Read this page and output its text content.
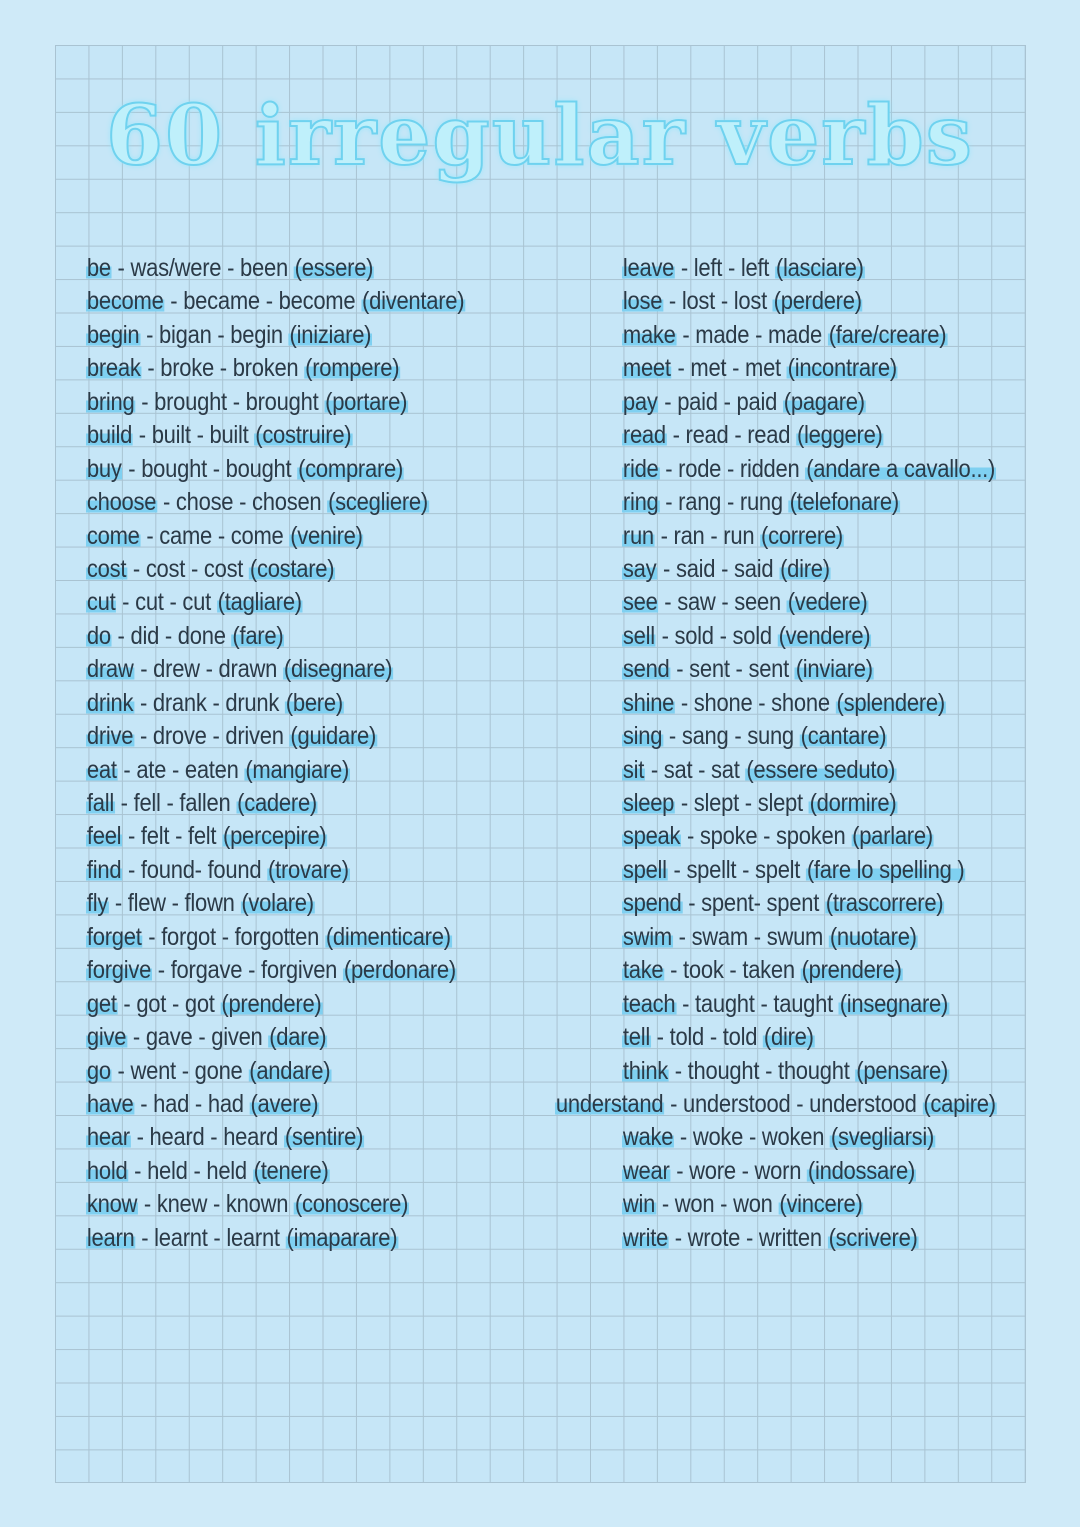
60 irregular verbs
be - was/were - been (essere)
become - became - become (diventare)
begin - bigan - begin (iniziare)
break - broke - broken (rompere)
bring - brought - brought (portare)
build - built - built (costruire)
buy - bought - bought (comprare)
choose - chose - chosen (scegliere)
come - came - come (venire)
cost - cost - cost (costare)
cut - cut - cut (tagliare)
do - did - done (fare)
draw - drew - drawn (disegnare)
drink - drank - drunk (bere)
drive - drove - driven (guidare)
eat - ate - eaten (mangiare)
fall - fell - fallen (cadere)
feel - felt - felt (percepire)
find - found- found (trovare)
fly - flew - flown (volare)
forget - forgot - forgotten (dimenticare)
forgive - forgave - forgiven (perdonare)
get - got - got (prendere)
give - gave - given (dare)
go - went - gone (andare)
have - had - had (avere)
hear - heard - heard (sentire)
hold - held - held (tenere)
know - knew - known (conoscere)
learn - learnt - learnt (imaparare)
leave - left - left (lasciare)
lose - lost - lost (perdere)
make - made - made (fare/creare)
meet - met - met (incontrare)
pay - paid - paid (pagare)
read - read - read (leggere)
ride - rode - ridden (andare a cavallo...)
ring - rang - rung (telefonare)
run - ran - run (correre)
say - said - said (dire)
see - saw - seen (vedere)
sell - sold - sold (vendere)
send - sent - sent (inviare)
shine - shone - shone (splendere)
sing - sang - sung (cantare)
sit - sat - sat (essere seduto)
sleep - slept - slept (dormire)
speak - spoke - spoken (parlare)
spell - spellt - spelt (fare lo spelling )
spend - spent- spent (trascorrere)
swim - swam - swum (nuotare)
take - took - taken (prendere)
teach - taught - taught (insegnare)
tell - told - told (dire)
think - thought - thought (pensare)
understand - understood - understood (capire)
wake - woke - woken (svegliarsi)
wear - wore - worn (indossare)
win - won - won (vincere)
write - wrote - written (scrivere)
